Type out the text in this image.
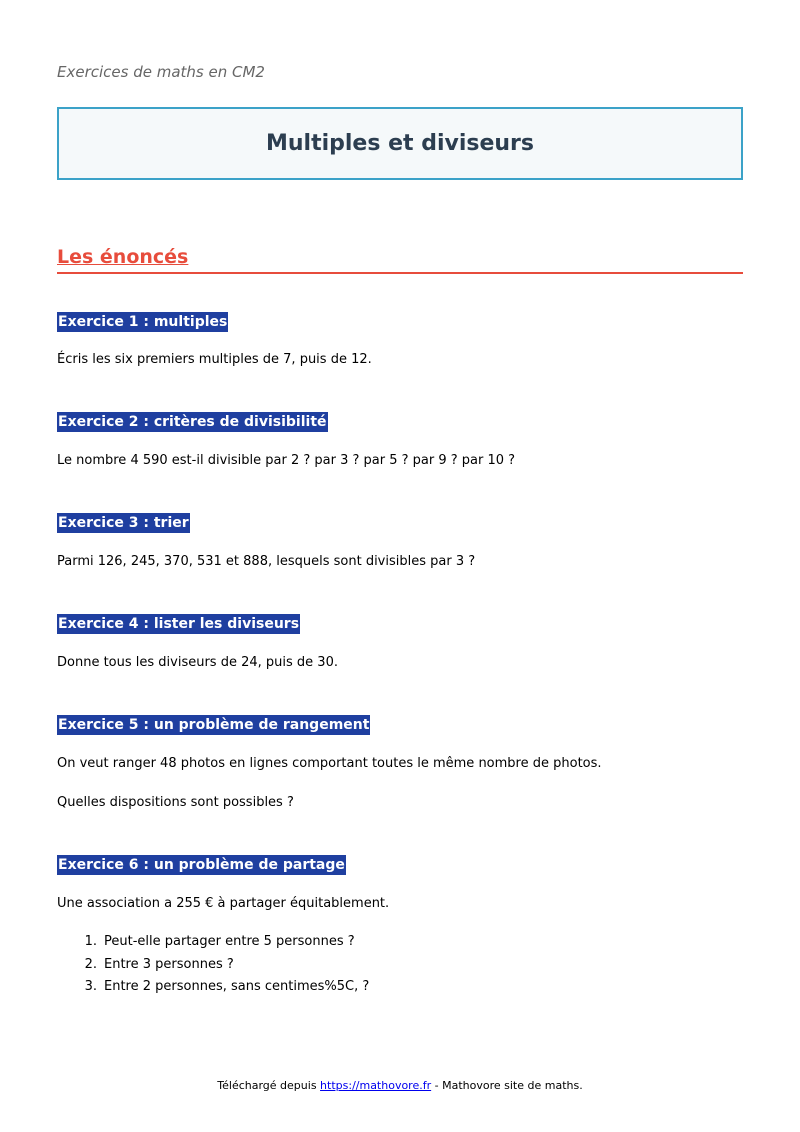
Exercices de maths en CM2
Multiples et diviseurs
Les énoncés
Exercice 1 : multiples
Écris les six premiers multiples de 7, puis de 12.
Exercice 2 : critères de divisibilité
Le nombre 4 590 est-il divisible par 2 ? par 3 ? par 5 ? par 9 ? par 10 ?
Exercice 3 : trier
Parmi 126, 245, 370, 531 et 888, lesquels sont divisibles par 3 ?
Exercice 4 : lister les diviseurs
Donne tous les diviseurs de 24, puis de 30.
Exercice 5 : un problème de rangement
On veut ranger 48 photos en lignes comportant toutes le même nombre de photos.
Quelles dispositions sont possibles ?
Exercice 6 : un problème de partage
Une association a 255 € à partager équitablement.
1. Peut-elle partager entre 5 personnes ?
2. Entre 3 personnes ?
3. Entre 2 personnes, sans centimes%5C, ?
Téléchargé depuis https://mathovore.fr - Mathovore site de maths.
